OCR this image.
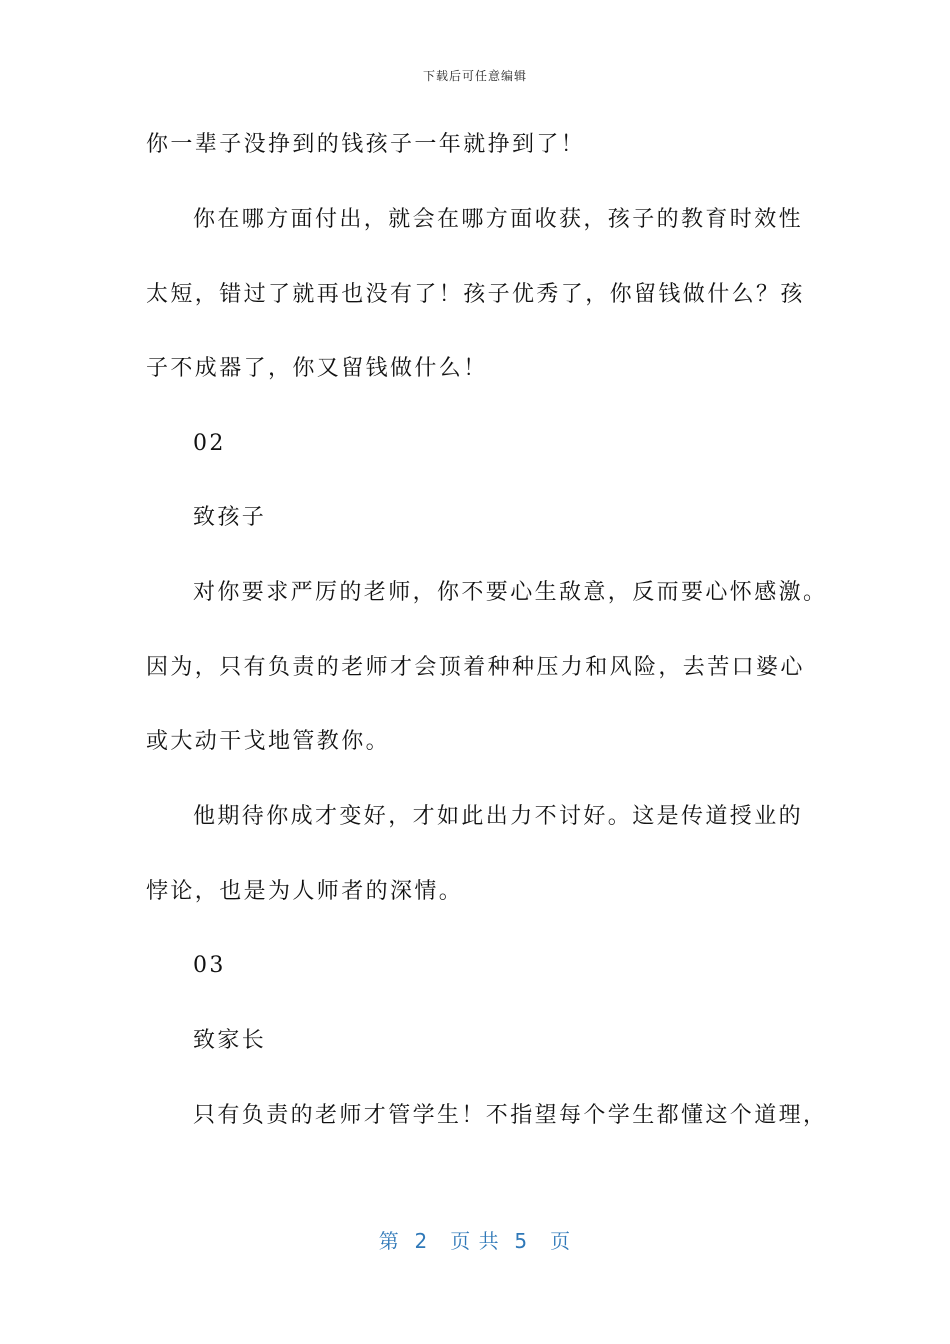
下载后可任意编辑
你一辈子没挣到的钱孩子一年就挣到了！
你在哪方面付出，就会在哪方面收获，孩子的教育时效性
太短，错过了就再也没有了！孩子优秀了，你留钱做什么？孩
子不成器了，你又留钱做什么！
02
致孩子
对你要求严厉的老师，你不要心生敌意，反而要心怀感激。
因为，只有负责的老师才会顶着种种压力和风险，去苦口婆心
或大动干戈地管教你。
他期待你成才变好，才如此出力不讨好。这是传道授业的
悖论，也是为人师者的深情。
03
致家长
只有负责的老师才管学生！不指望每个学生都懂这个道理，
第  2   页 共  5   页
